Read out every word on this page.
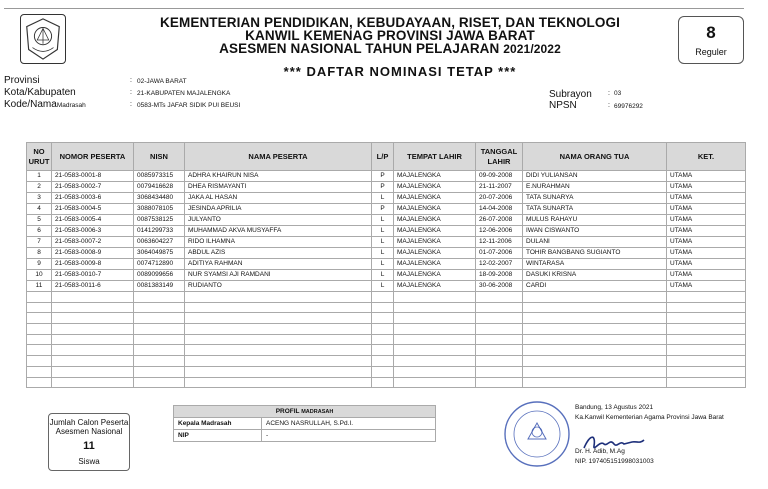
KEMENTERIAN PENDIDIKAN, KEBUDAYAAN, RISET, DAN TEKNOLOGI
KANWIL KEMENAG PROVINSI JAWA BARAT
ASESMEN NASIONAL TAHUN PELAJARAN 2021/2022
*** DAFTAR NOMINASI TETAP ***
8
Reguler
Provinsi	: 02-JAWA BARAT
Kota/Kabupaten	: 21-KABUPATEN MAJALENGKA
Kode/NamaMadrasah	: 0583-MTs JAFAR SIDIK PUI BEUSI
Subrayon : 03
NPSN	: 69976292
NO URUT	NOMOR PESERTA	NISN	NAMA PESERTA	L/P	TEMPAT LAHIR	TANGGAL LAHIR	NAMA ORANG TUA	KET.
1	21-0583-0001-8	0085973315	ADHRA KHAIRUN NISA	P	MAJALENGKA	09-09-2008	DIDI YULIANSAN	UTAMA
2	21-0583-0002-7	0079416628	DHEA RISMAYANTI	P	MAJALENGKA	21-11-2007	E.NURAHMAN	UTAMA
3	21-0583-0003-6	3068434480	JAKA AL HASAN	L	MAJALENGKA	20-07-2006	TATA SUNARYA	UTAMA
4	21-0583-0004-5	3088078105	JESINDA APRILIA	P	MAJALENGKA	14-04-2008	TATA SUNARTA	UTAMA
5	21-0583-0005-4	0087538125	JULYANTO	L	MAJALENGKA	26-07-2008	MULUS RAHAYU	UTAMA
6	21-0583-0006-3	0141299733	MUHAMMAD AKVA MUSYAFFA	L	MAJALENGKA	12-06-2006	IWAN CISWANTO	UTAMA
7	21-0583-0007-2	0063604227	RIDO ILHAMNA	L	MAJALENGKA	12-11-2006	DULANI	UTAMA
8	21-0583-0008-9	3064049875	ABDUL AZIS	L	MAJALENGKA	01-07-2006	TOHIR BANGBANG SUGIANTO	UTAMA
9	21-0583-0009-8	0074712890	ADITIYA RAHMAN	L	MAJALENGKA	12-02-2007	WINTARASA	UTAMA
10	21-0583-0010-7	0089099656	NUR SYAMSI AJI RAMDANI	L	MAJALENGKA	18-09-2008	DASUKI KRISNA	UTAMA
11	21-0583-0011-6	0081383149	RUDIANTO	L	MAJALENGKA	30-06-2008	CARDI	UTAMA

Jumlah Calon Peserta
Asesmen Nasional
11
Siswa
PROFIL MADRASAH	
Kepala Madrasah	ACENG NASRULLAH, S.Pd.I.
NIP	-
Bandung, 13 Agustus 2021
Ka.Kanwil Kementerian Agama Provinsi Jawa Barat
Dr. H. Adib, M.Ag
NIP. 197405151998031003
